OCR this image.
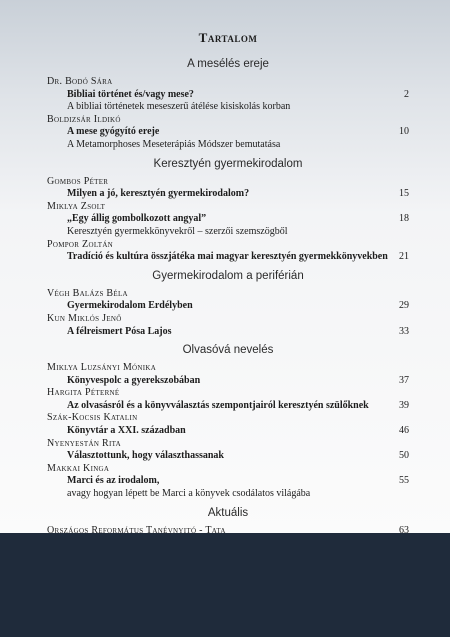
Tartalom
A mesélés ereje
Dr. Bodó Sára
Bibliai történet és/vagy mese?	2
A bibliai történetek meseszerű átélése kisiskolás korban
Boldizsár Ildikó
A mese gyógyító ereje	10
A Metamorphoses Meseterápiás Módszer bemutatása
Keresztyén gyermekirodalom
Gombos Péter
Milyen a jó, keresztyén gyermekirodalom?	15
Miklya Zsolt
„Egy állig gombolkozott angyal”	18
Keresztyén gyermekkönyvekről – szerzői szemszögből
Pompor Zoltán
Tradíció és kultúra összjátéka mai magyar keresztyén gyermekkönyvekben	21
Gyermekirodalom a periférián
Végh Balázs Béla
Gyermekirodalom Erdélyben	29
Kun Miklós Jenő
A félreismert Pósa Lajos	33
Olvasóvá nevelés
Miklya Luzsányi Mónika
Könyvespolc a gyerekszobában	37
Hargita Péterné
Az olvasásról és a könyvválasztás szempontjairól keresztyén szülőknek	39
Szák-Kocsis Katalin
Könyvtár a XXI. században	46
Nyenyestán Rita
Választottunk, hogy választhassanak	50
Makkai Kinga
Marci és az irodalom,	55
avagy hogyan lépett be Marci a könyvek csodálatos világába
Aktuális
Országos Református Tanévnyitó - Tata	63
